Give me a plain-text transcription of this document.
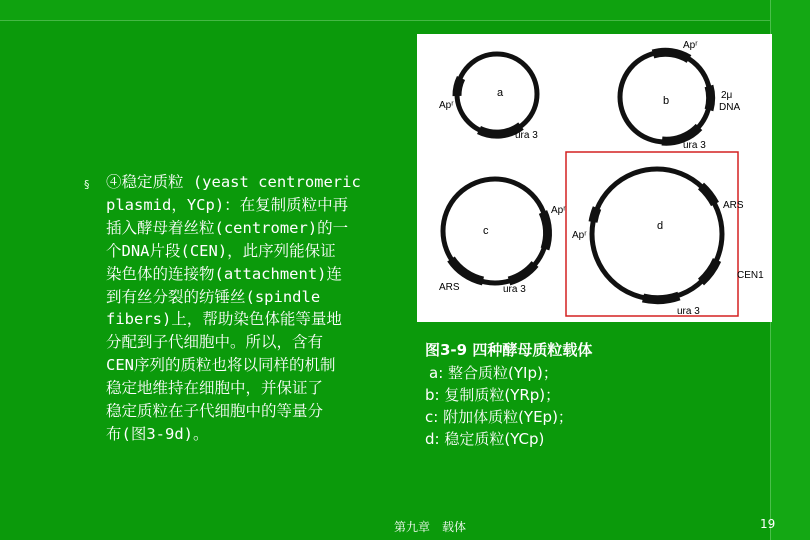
§ ④稳定质粒 (yeast centromeric
plasmid，YCp)：在复制质粒中再
插入酵母着丝粒(centromer)的一
个DNA片段(CEN)，此序列能保证
染色体的连接物(attachment)连
到有丝分裂的纺锤丝(spindle
fibers)上，帮助染色体能等量地
分配到子代细胞中。所以，含有
CEN序列的质粒也将以同样的机制
稳定地维持在细胞中，并保证了
稳定质粒在子代细胞中的等量分
布(图3-9d)。
a
Apʳ
ura 3
b
Apʳ
2μ
DNA
ura 3
c
Apʳ
ARS	ura 3
d
Apʳ
ARS
CEN1
ura 3
图3-9 四种酵母质粒载体
a: 整合质粒(YIp)；
b: 复制质粒(YRp)；
c: 附加体质粒(YEp)；
d: 稳定质粒(YCp)
第九章　载体	19
